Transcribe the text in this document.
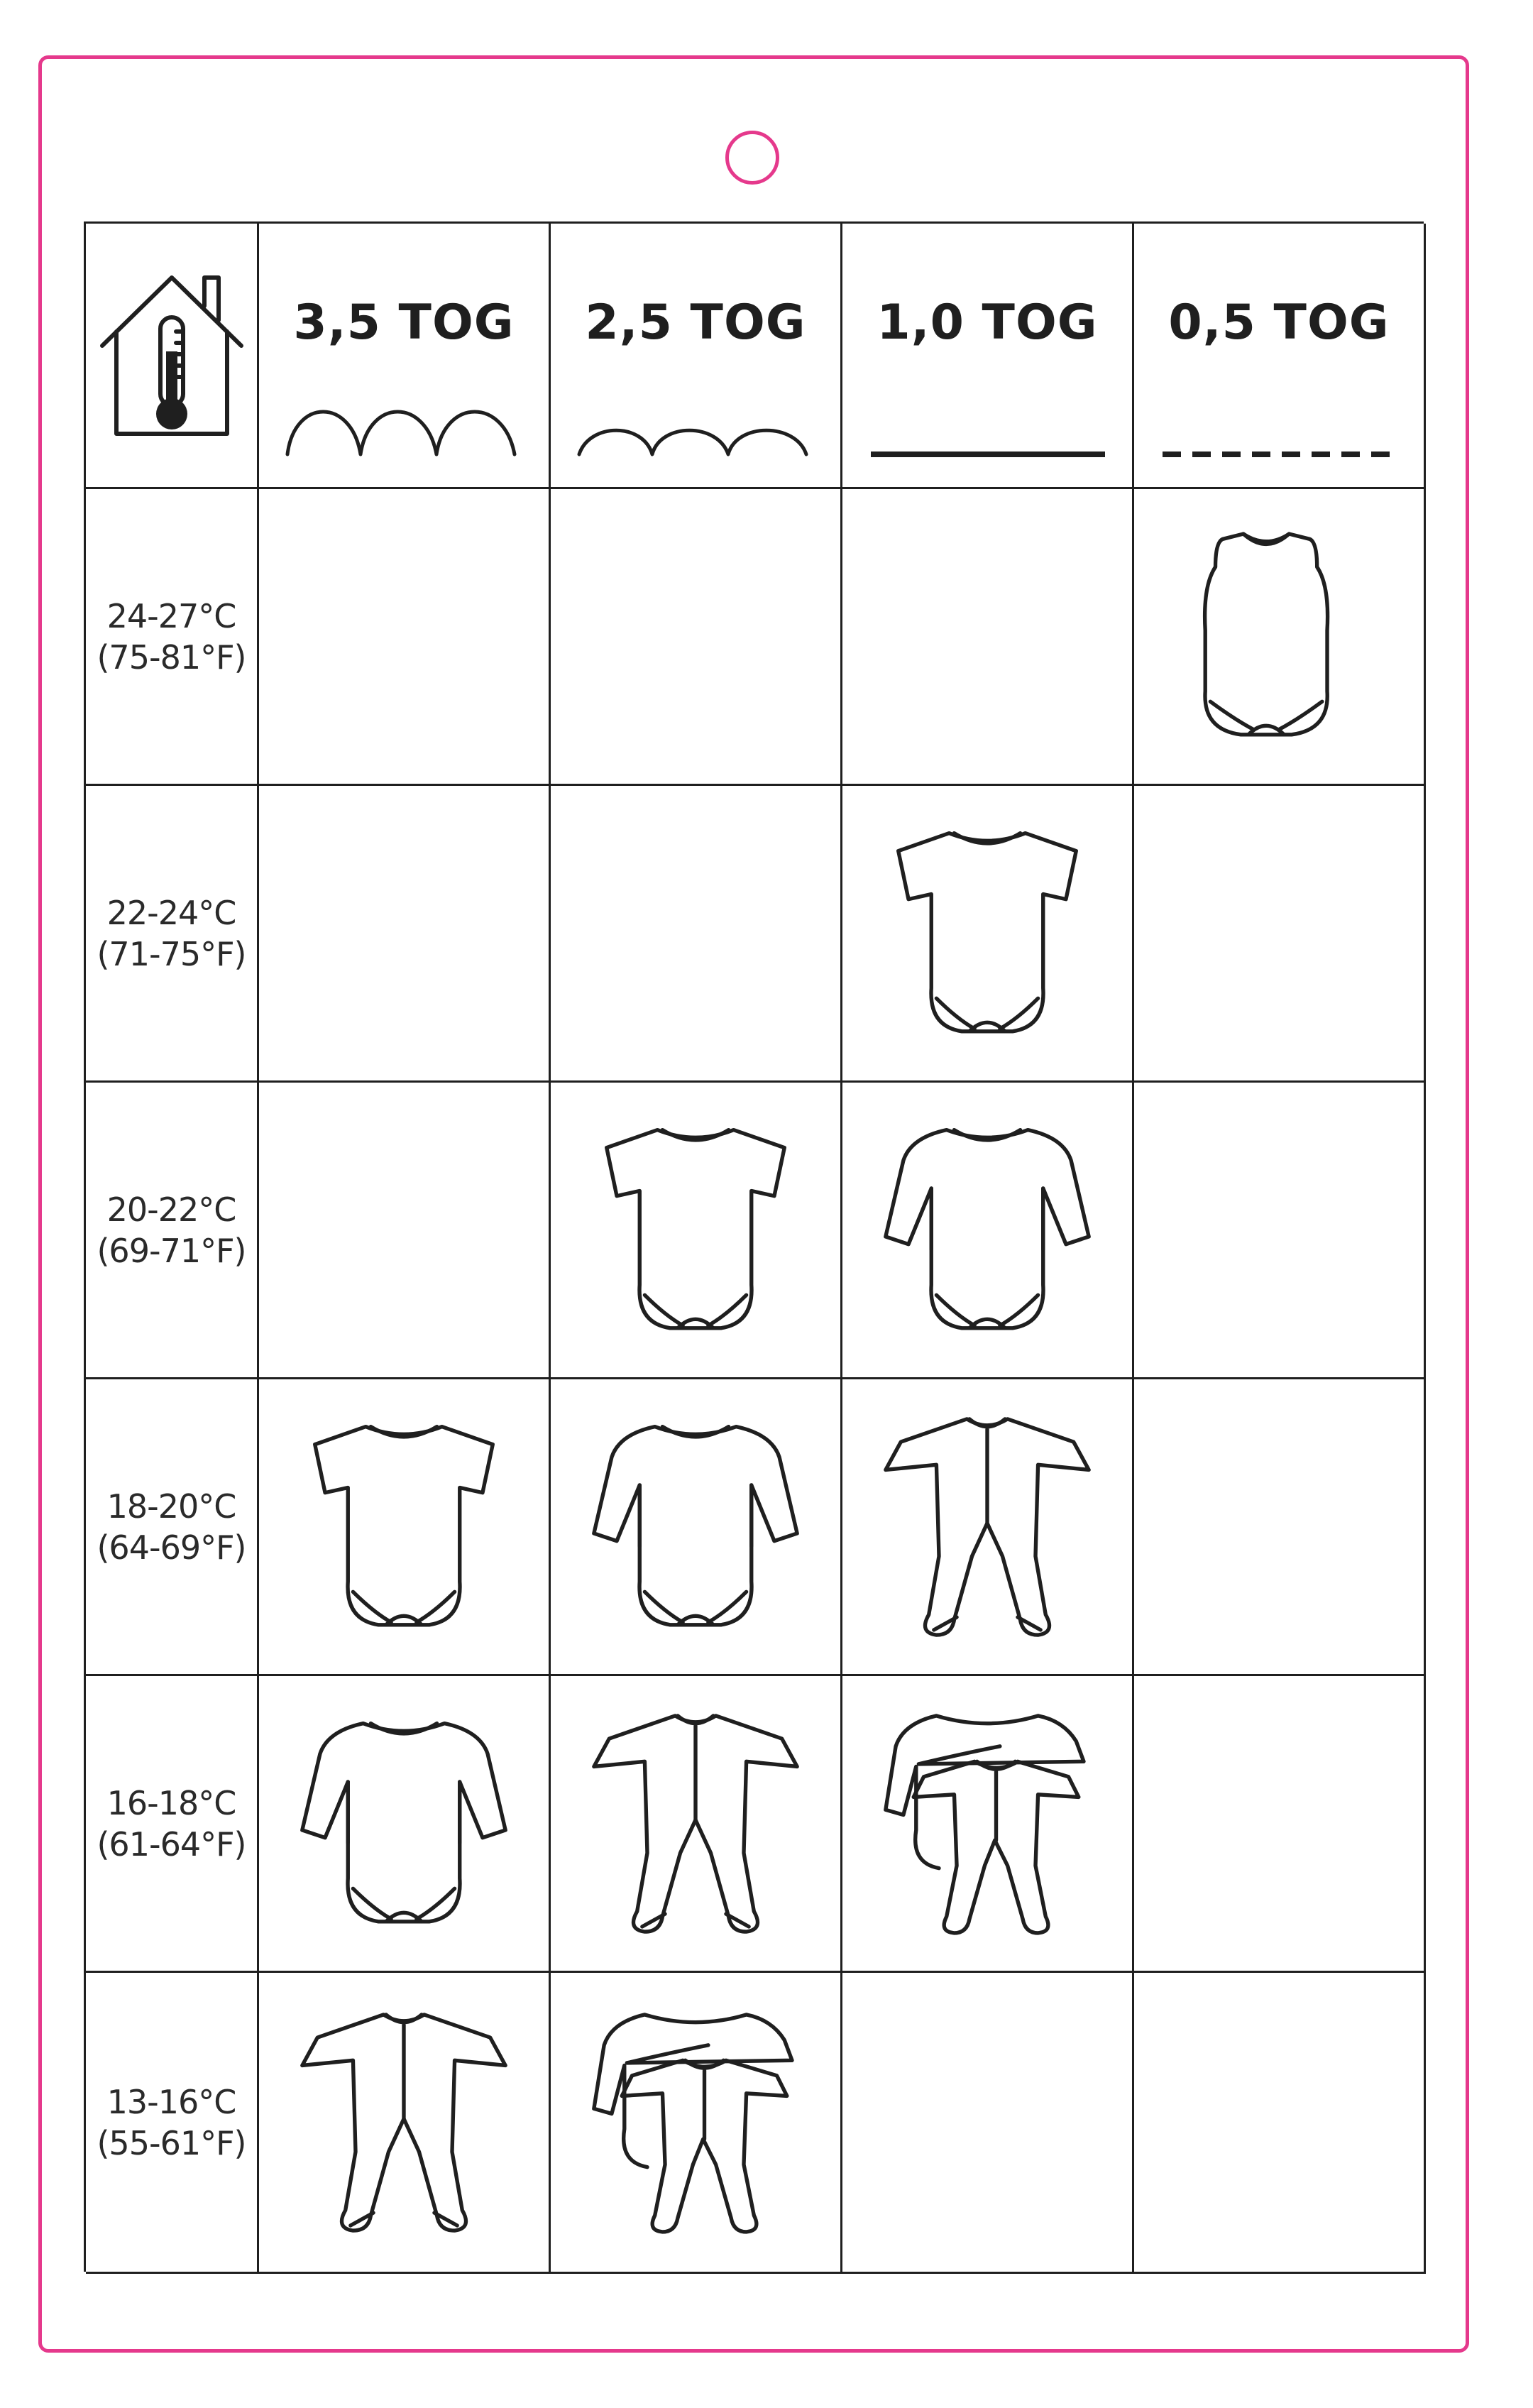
3,5 TOG 2,5 TOG 1,0 TOG 0,5 TOG
24-27°C
(75-81°F)
22-24°C
(71-75°F)
20-22°C
(69-71°F)
18-20°C
(64-69°F)
16-18°C
(61-64°F)
13-16°C
(55-61°F)
